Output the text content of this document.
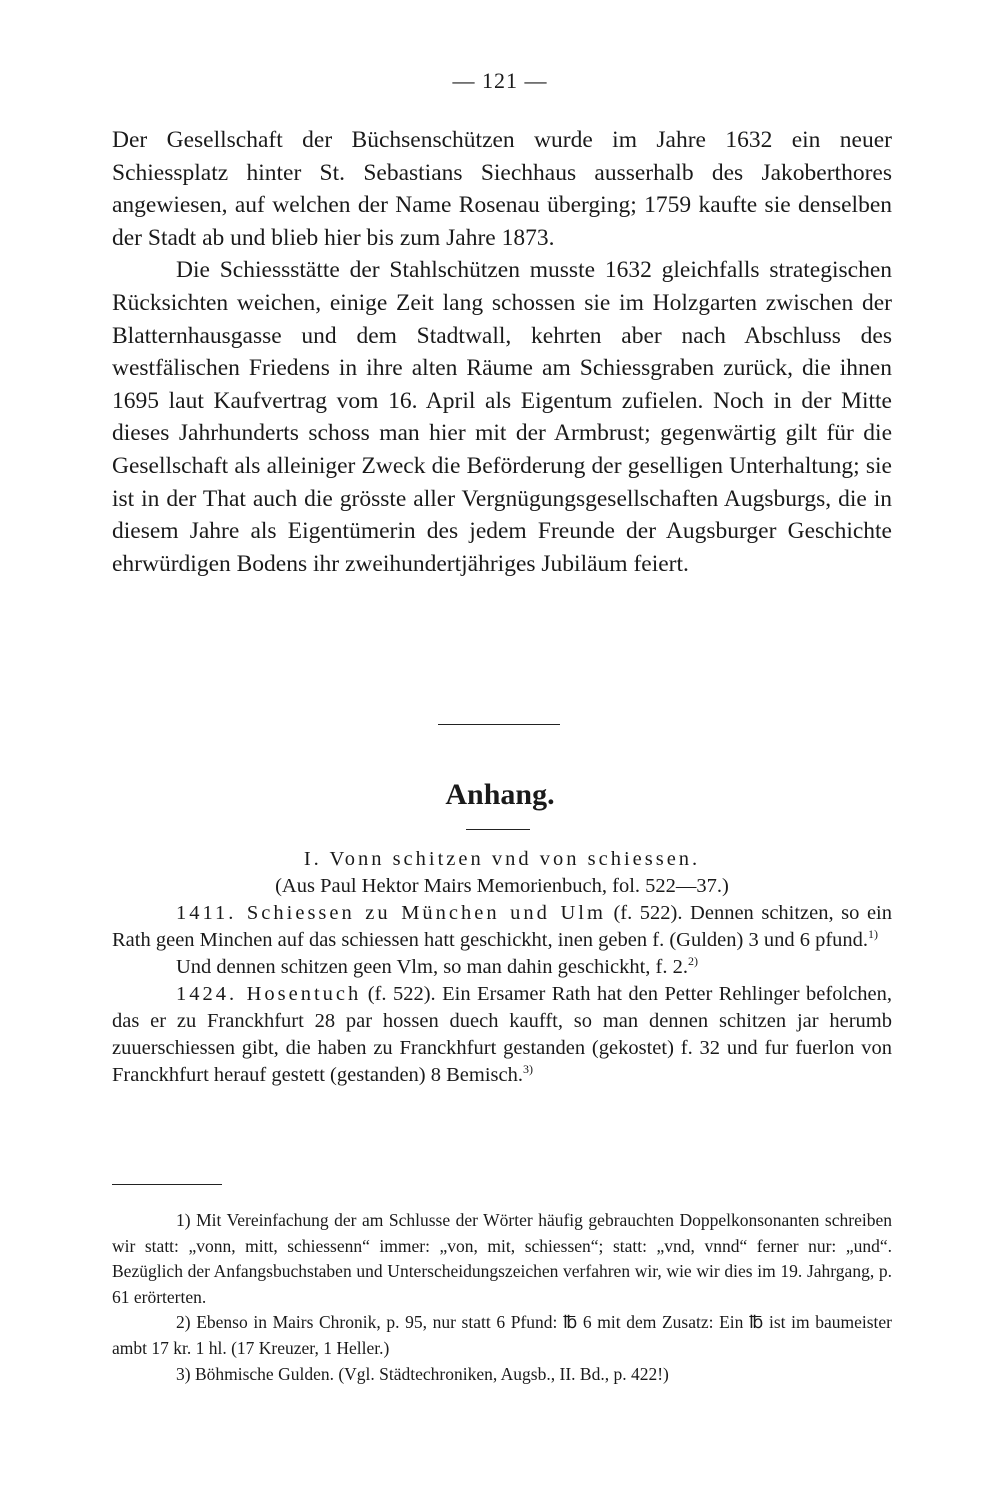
— 121 —

Der Gesellschaft der Büchsenschützen wurde im Jahre 1632 ein neuer Schiessplatz hinter St. Sebastians Siechhaus ausserhalb des Jakoberthores angewiesen, auf welchen der Name Rosenau überging; 1759 kaufte sie denselben der Stadt ab und blieb hier bis zum Jahre 1873.

Die Schiessstätte der Stahlschützen musste 1632 gleichfalls strategischen Rücksichten weichen, einige Zeit lang schossen sie im Holzgarten zwischen der Blatternhausgasse und dem Stadtwall, kehrten aber nach Abschluss des westfälischen Friedens in ihre alten Räume am Schiessgraben zurück, die ihnen 1695 laut Kaufvertrag vom 16. April als Eigentum zufielen. Noch in der Mitte dieses Jahrhunderts schoss man hier mit der Armbrust; gegenwärtig gilt für die Gesellschaft als alleiniger Zweck die Beförderung der geselligen Unterhaltung; sie ist in der That auch die grösste aller Vergnügungsgesellschaften Augsburgs, die in diesem Jahre als Eigentümerin des jedem Freunde der Augsburger Geschichte ehrwürdigen Bodens ihr zweihundertjähriges Jubiläum feiert.

Anhang.

I. Vonn schitzen vnd von schiessen.

(Aus Paul Hektor Mairs Memorienbuch, fol. 522—37.)

1411. Schiessen zu München und Ulm (f. 522). Dennen schitzen, so ein Rath geen Minchen auf das schiessen hatt geschickht, inen geben f. (Gulden) 3 und 6 pfund.$^{1)}$

Und dennen schitzen geen Vlm, so man dahin geschickht, f. 2.$^{2)}$

1424. Hosentuch (f. 522). Ein Ersamer Rath hat den Petter Rehlinger befolchen, das er zu Franckhfurt 28 par hossen duech kaufft, so man dennen schitzen jar herumb zuuerschiessen gibt, die haben zu Franckhfurt gestanden (gekostet) f. 32 und fur fuerlon von Franckhfurt herauf gestett (gestanden) 8 Bemisch.$^{3)}$

1) Mit Vereinfachung der am Schlusse der Wörter häufig gebrauchten Doppelkonsonanten schreiben wir statt: „vonn, mitt, schiessenn“ immer: „von, mit, schiessen“; statt: „vnd, vnnd“ ferner nur: „und“. Bezüglich der Anfangsbuchstaben und Unterscheidungszeichen verfahren wir, wie wir dies im 19. Jahrgang, p. 61 erörterten.

2) Ebenso in Mairs Chronik, p. 95, nur statt 6 Pfund: ℔ 6 mit dem Zusatz: Ein ℔ ist im baumeister ambt 17 kr. 1 hl. (17 Kreuzer, 1 Heller.)

3) Böhmische Gulden. (Vgl. Städtechroniken, Augsb., II. Bd., p. 422!)
